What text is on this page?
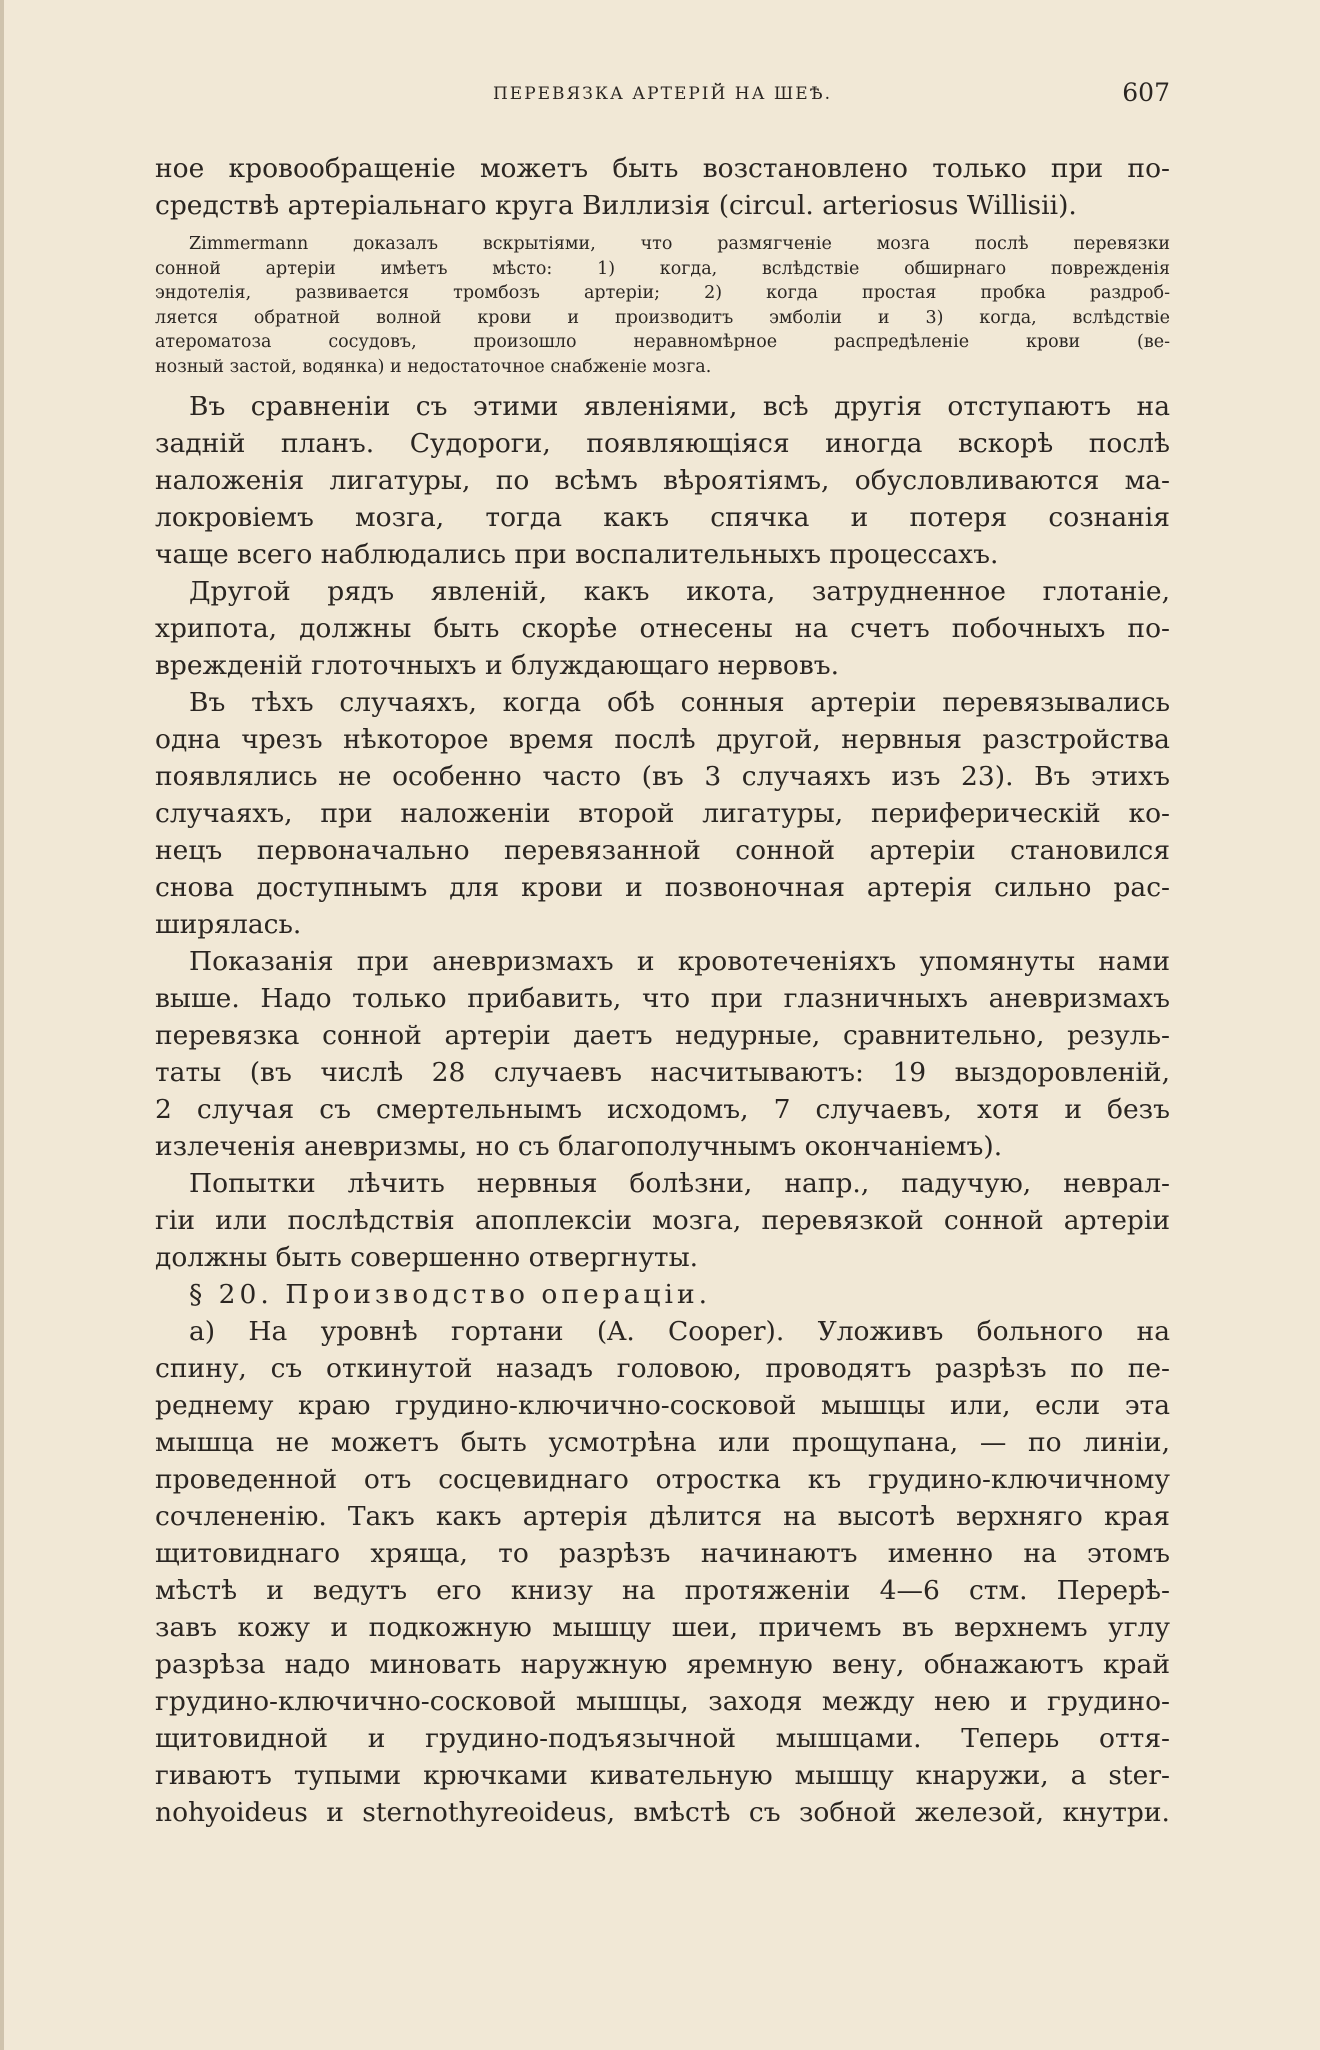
ПЕРЕВЯЗКА АРТЕРІЙ НА ШЕѢ.	607
ное кровообращеніе можетъ быть возстановлено только при по-
средствѣ артеріальнаго круга Виллизія (circul. arteriosus Willisii).
Zimmermann доказалъ вскрытіями, что размягченіе мозга послѣ перевязки
сонной артеріи имѣетъ мѣсто: 1) когда, вслѣдствіе обширнаго поврежденія
эндотелія, развивается тромбозъ артеріи; 2) когда простая пробка раздроб-
ляется обратной волной крови и производитъ эмболіи и 3) когда, вслѣдствіе
атероматоза сосудовъ, произошло неравномѣрное распредѣленіе крови (ве-
нозный застой, водянка) и недостаточное снабженіе мозга.
Въ сравненіи съ этими явленіями, всѣ другія отступаютъ на
задній планъ. Судороги, появляющіяся иногда вскорѣ послѣ
наложенія лигатуры, по всѣмъ вѣроятіямъ, обусловливаются ма-
локровіемъ мозга, тогда какъ спячка и потеря сознанія
чаще всего наблюдались при воспалительныхъ процессахъ.
Другой рядъ явленій, какъ икота, затрудненное глотаніе,
хрипота, должны быть скорѣе отнесены на счетъ побочныхъ по-
врежденій глоточныхъ и блуждающаго нервовъ.
Въ тѣхъ случаяхъ, когда обѣ сонныя артеріи перевязывались
одна чрезъ нѣкоторое время послѣ другой, нервныя разстройства
появлялись не особенно часто (въ 3 случаяхъ изъ 23). Въ этихъ
случаяхъ, при наложеніи второй лигатуры, периферическій ко-
нецъ первоначально перевязанной сонной артеріи становился
снова доступнымъ для крови и позвоночная артерія сильно рас-
ширялась.
Показанія при аневризмахъ и кровотеченіяхъ упомянуты нами
выше. Надо только прибавить, что при глазничныхъ аневризмахъ
перевязка сонной артеріи даетъ недурные, сравнительно, резуль-
таты (въ числѣ 28 случаевъ насчитываютъ: 19 выздоровленій,
2 случая съ смертельнымъ исходомъ, 7 случаевъ, хотя и безъ
излеченія аневризмы, но съ благополучнымъ окончаніемъ).
Попытки лѣчить нервныя болѣзни, напр., падучую, неврал-
гіи или послѣдствія апоплексіи мозга, перевязкой сонной артеріи
должны быть совершенно отвергнуты.
§ 20. Производство операціи.
а) На уровнѣ гортани (A. Cooper). Уложивъ больного на
спину, съ откинутой назадъ головою, проводятъ разрѣзъ по пе-
реднему краю грудино-ключично-сосковой мышцы или, если эта
мышца не можетъ быть усмотрѣна или прощупана, — по линіи,
проведенной отъ сосцевиднаго отростка къ грудино-ключичному
сочлененію. Такъ какъ артерія дѣлится на высотѣ верхняго края
щитовиднаго хряща, то разрѣзъ начинаютъ именно на этомъ
мѣстѣ и ведутъ его книзу на протяженіи 4—6 стм. Перерѣ-
завъ кожу и подкожную мышцу шеи, причемъ въ верхнемъ углу
разрѣза надо миновать наружную яремную вену, обнажаютъ край
грудино-ключично-сосковой мышцы, заходя между нею и грудино-
щитовидной и грудино-подъязычной мышцами. Теперь оття-
гиваютъ тупыми крючками кивательную мышцу кнаружи, а ster-
nohyoideus и sternothyreoideus, вмѣстѣ съ зобной железой, кнутри.
